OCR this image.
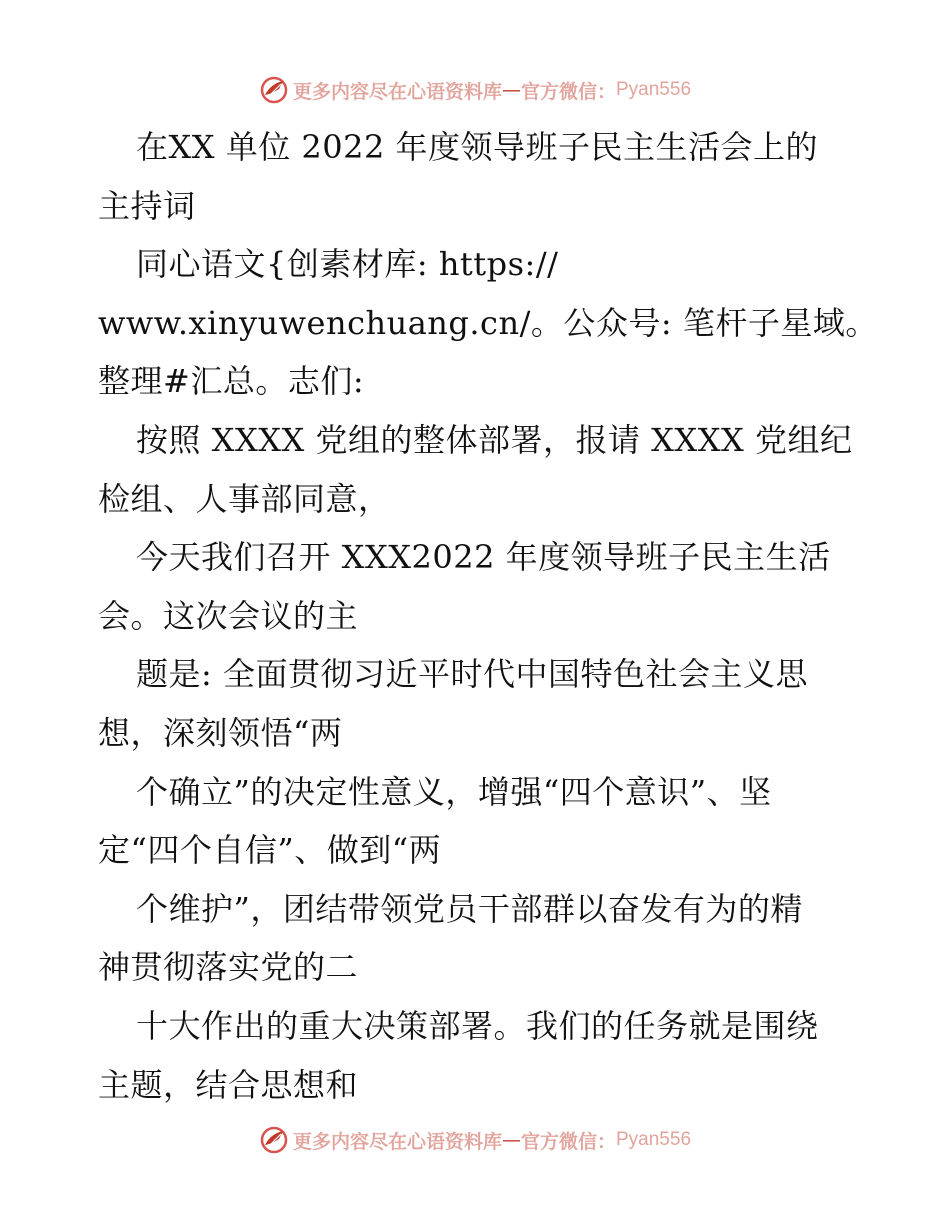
更多内容尽在心语资料库 — 官方微信： Pyan556
在XX 单位 2022 年度领导班子民主生活会上的
主持词
同心语文{创素材库: https://
www.xinyuwenchuang.cn/。公众号: 笔杆子星域。
整理#汇总。志们:
按照 XXXX 党组的整体部署，报请 XXXX 党组纪
检组、人事部同意，
今天我们召开 XXX2022 年度领导班子民主生活
会。这次会议的主
题是: 全面贯彻习近平时代中国特色社会主义思
想，深刻领悟“两
个确立”的决定性意义，增强“四个意识”、坚
定“四个自信”、做到“两
个维护”，团结带领党员干部群以奋发有为的精
神贯彻落实党的二
十大作出的重大决策部署。我们的任务就是围绕
主题，结合思想和
更多内容尽在心语资料库 — 官方微信： Pyan556
